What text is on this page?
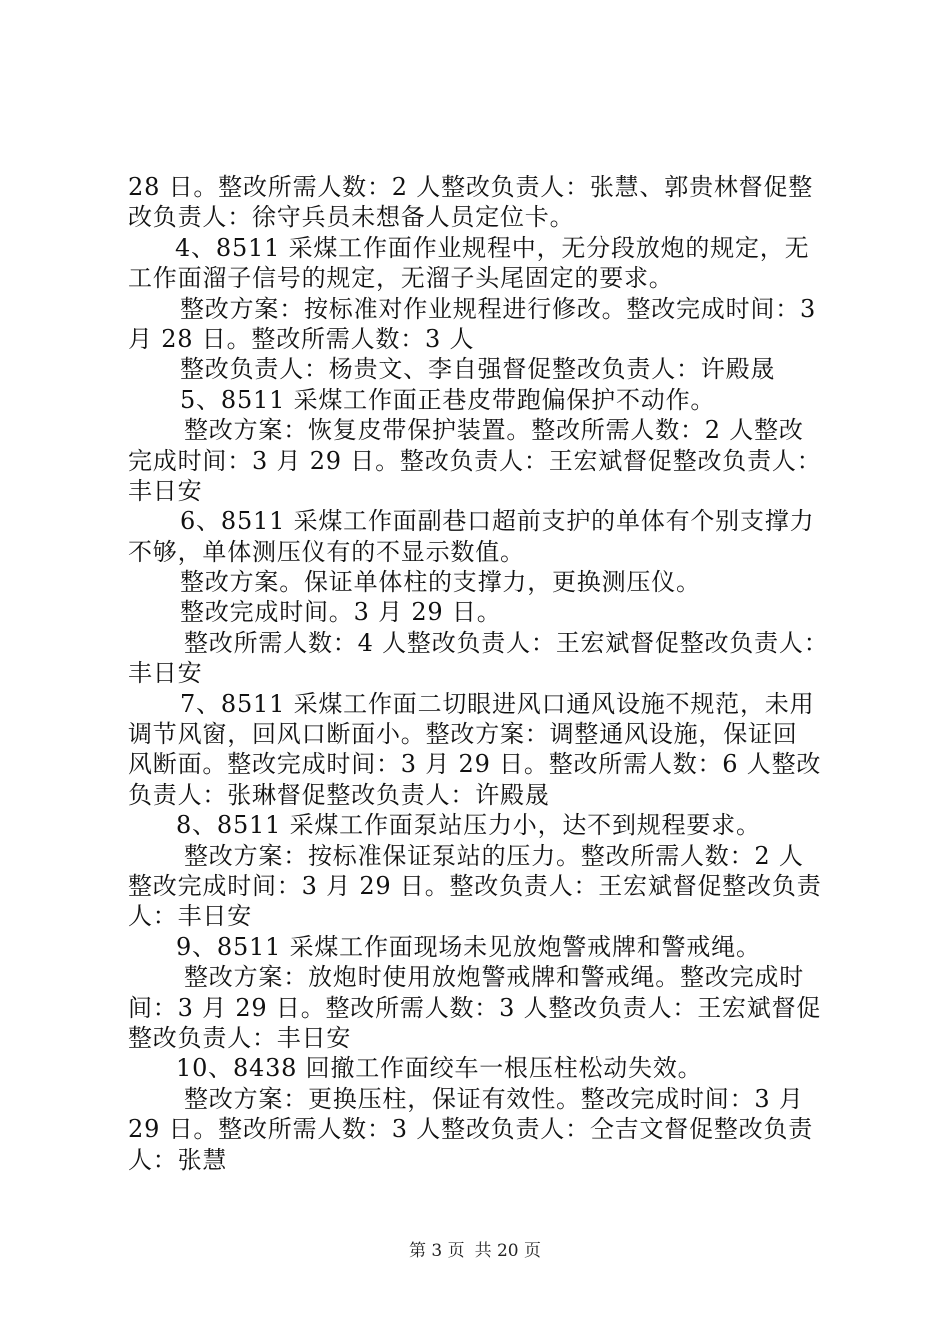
28 日。整改所需人数：2 人整改负责人：张慧、郭贵林督促整
改负责人：徐守兵员未想备人员定位卡。
4、8511 采煤工作面作业规程中，无分段放炮的规定，无
工作面溜子信号的规定，无溜子头尾固定的要求。
整改方案：按标准对作业规程进行修改。整改完成时间：3
月 28 日。整改所需人数：3 人
整改负责人：杨贵文、李自强督促整改负责人：许殿晟
5、8511 采煤工作面正巷皮带跑偏保护不动作。
整改方案：恢复皮带保护装置。整改所需人数：2 人整改
完成时间：3 月 29 日。整改负责人：王宏斌督促整改负责人：
丰日安
6、8511 采煤工作面副巷口超前支护的单体有个别支撑力
不够，单体测压仪有的不显示数值。
整改方案。保证单体柱的支撑力，更换测压仪。
整改完成时间。3 月 29 日。
整改所需人数：4 人整改负责人：王宏斌督促整改负责人：
丰日安
7、8511 采煤工作面二切眼进风口通风设施不规范，未用
调节风窗，回风口断面小。整改方案：调整通风设施，保证回
风断面。整改完成时间：3 月 29 日。整改所需人数：6 人整改
负责人：张琳督促整改负责人：许殿晟
8、8511 采煤工作面泵站压力小，达不到规程要求。
整改方案：按标准保证泵站的压力。整改所需人数：2 人
整改完成时间：3 月 29 日。整改负责人：王宏斌督促整改负责
人：丰日安
9、8511 采煤工作面现场未见放炮警戒牌和警戒绳。
整改方案：放炮时使用放炮警戒牌和警戒绳。整改完成时
间：3 月 29 日。整改所需人数：3 人整改负责人：王宏斌督促
整改负责人：丰日安
10、8438 回撤工作面绞车一根压柱松动失效。
整改方案：更换压柱，保证有效性。整改完成时间：3 月
29 日。整改所需人数：3 人整改负责人：仝吉文督促整改负责
人：张慧
第 3 页 共 20 页
